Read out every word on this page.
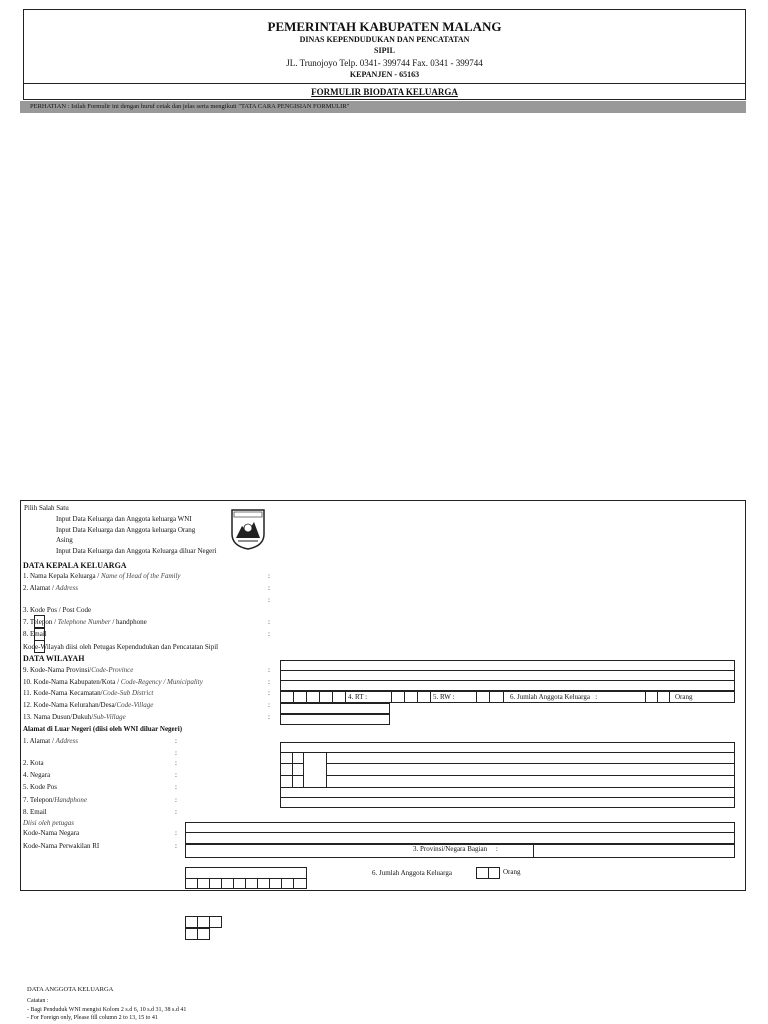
PEMERINTAH KABUPATEN MALANG
DINAS KEPENDUDUKAN DAN PENCATATAN
SIPIL
JL. Trunojoyo Telp. 0341- 399744 Fax. 0341 - 399744
KEPANJEN - 65163
FORMULIR BIODATA KELUARGA
PERHATIAN : Isilah Formulir ini dengan huruf cetak dan jelas serta mengikuti "TATA CARA PENGISIAN FORMULIR"
Pilih Salah Satu
Input Data Keluarga dan Anggota keluarga WNI
Input Data Keluarga dan Anggota keluarga Orang
Asing
Input Data Keluarga dan Anggota Keluarga diluar Negeri
DATA KEPALA KELUARGA
1. Nama Kepala Keluarga / Name of Head of the Family	:
2. Alamat / Address	:
:
3. Kode Pos / Post Code
7. Telepon / Telephone Number / handphone	:
8. Email	:
Kode-Wilayah diisi oleh Petugas Kependudukan dan Pencatatan Sipil
DATA WILAYAH
9. Kode-Nama Provinsi/Code-Province	:
10. Kode-Nama Kabupaten/Kota / Code-Regency / Municipality	:
11. Kode-Nama Kecamatan/Code-Sub District	:
12. Kode-Nama Kelurahan/Desa/Code-Village	:
13. Nama Dusun/Dukuh/Sub-Village	:
4. RT :	5. RW :	6. Jumlah Anggota Keluarga :	Orang
Alamat di Luar Negeri (diisi oleh WNI diluar Negeri)
1. Alamat / Address	:
:
2. Kota	:
4. Negara	:
5. Kode Pos	:
7. Telepon/Handphone	:
8. Email	:
Diisi oleh petugas
Kode-Nama Negara	:
Kode-Nama Perwakilan RI	:	3. Provinsi/Negara Bagian :
6. Jumlah Anggota Keluarga	Orang
DATA ANGGOTA KELUARGA
Catatan :
- Bagi Penduduk WNI mengisi Kolom 2 s.d 6, 10 s.d 31, 38 s.d 41
- For Foreign only, Please fill column 2 to 13, 15 to 41
